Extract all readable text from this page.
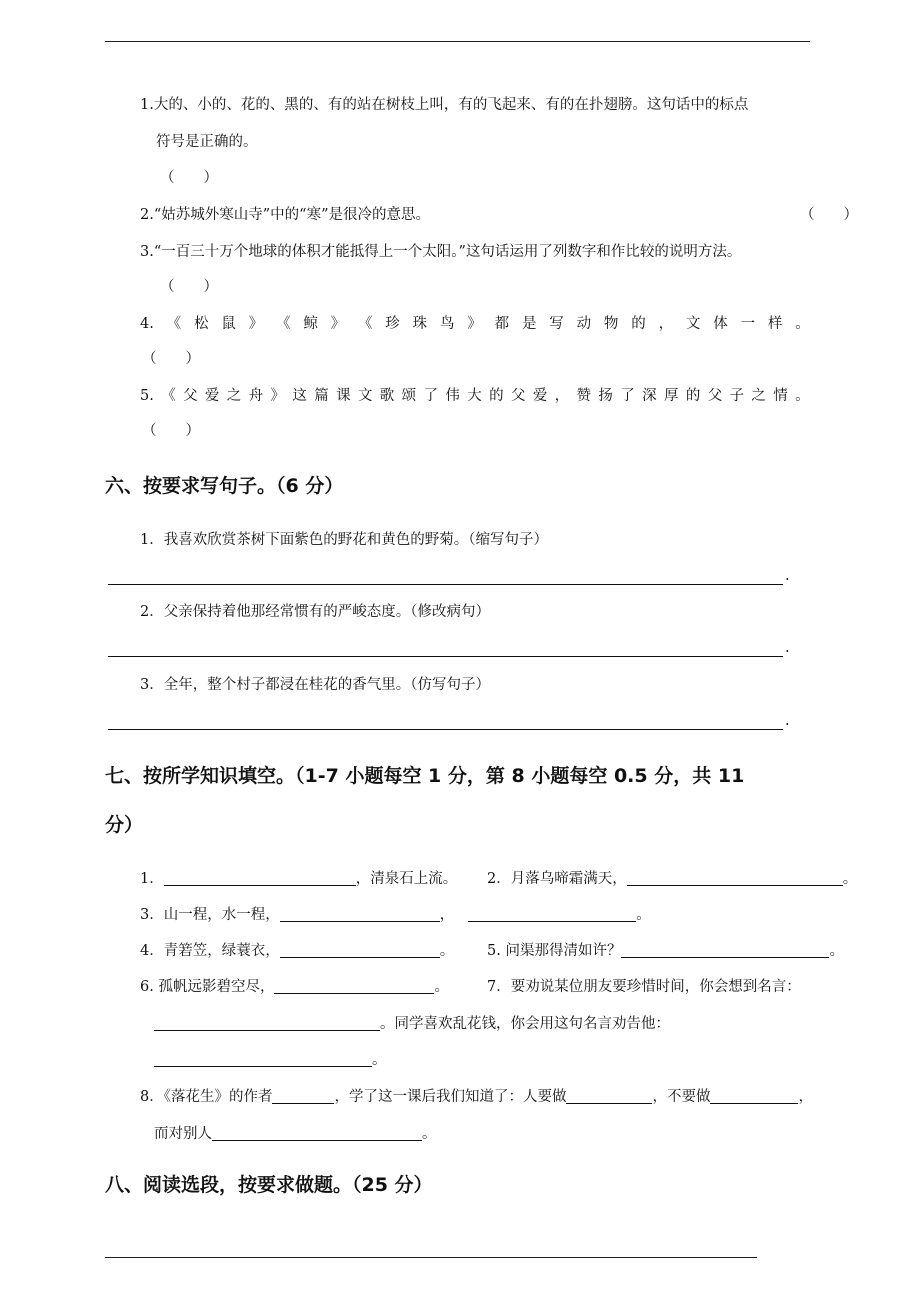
1.大的、小的、花的、黑的、有的站在树枝上叫，有的飞起来、有的在扑翅膀。这句话中的标点
符号是正确的。
（　　）
2.“姑苏城外寒山寺”中的“寒”是很冷的意思。	（　　）
3.“一百三十万个地球的体积才能抵得上一个太阳。”这句话运用了列数字和作比较的说明方法。
（　　）
4. 《 松 鼠 》 《 鲸 》 《 珍 珠 鸟 》 都 是 写 动 物 的 ， 文 体 一 样 。
（　　）
5. 《 父 爱 之 舟 》 这 篇 课 文 歌 颂 了 伟 大 的 父 爱 ， 赞 扬 了 深 厚 的 父 子 之 情 。
（　　）
六、按要求写句子。（6 分）
1．我喜欢欣赏茶树下面紫色的野花和黄色的野菊。（缩写句子）
.
2．父亲保持着他那经常惯有的严峻态度。（修改病句）
.
3．全年，整个村子都浸在桂花的香气里。（仿写句子）
.
七、按所学知识填空。（1-7 小题每空 1 分，第 8 小题每空 0.5 分，共 11
分）
1．	，清泉石上流。 2．月落乌啼霜满天，	。
3．山一程，水一程，	，	。
4．青箬笠，绿蓑衣，	。 5. 问渠那得清如许？	。
6. 孤帆远影碧空尽，	。	7．要劝说某位朋友要珍惜时间，你会想到名言：
。同学喜欢乱花钱，你会用这句名言劝告他：
。
8．《落花生》的作者	，学了这一课后我们知道了：人要做	，不要做	，
而对别人	。
八、阅读选段，按要求做题。（25 分）
